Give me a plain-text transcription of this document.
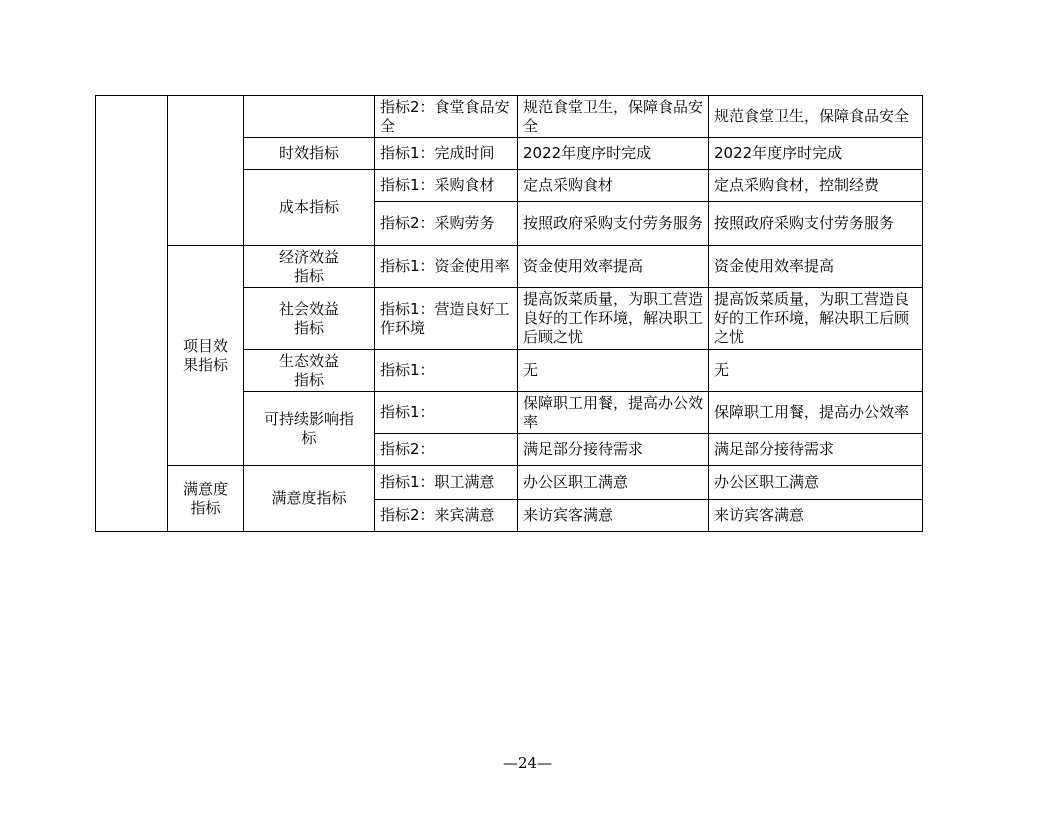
			指标2：食堂食品安全	规范食堂卫生，保障食品安全	规范食堂卫生，保障食品安全
		时效指标	指标1：完成时间	2022年度序时完成	2022年度序时完成
		成本指标	指标1：采购食材	定点采购食材	定点采购食材，控制经费
			指标2：采购劳务	按照政府采购支付劳务服务	按照政府采购支付劳务服务
	项目效果指标	经济效益指标	指标1：资金使用率	资金使用效率提高	资金使用效率提高
		社会效益指标	指标1：营造良好工作环境	提高饭菜质量，为职工营造良好的工作环境，解决职工后顾之忧	提高饭菜质量，为职工营造良好的工作环境，解决职工后顾之忧
		生态效益指标	指标1：	无	无
		可持续影响指标	指标1：	保障职工用餐，提高办公效率	保障职工用餐，提高办公效率
			指标2：	满足部分接待需求	满足部分接待需求
	满意度指标	满意度指标	指标1：职工满意	办公区职工满意	办公区职工满意
			指标2：来宾满意	来访宾客满意	来访宾客满意
—24—
